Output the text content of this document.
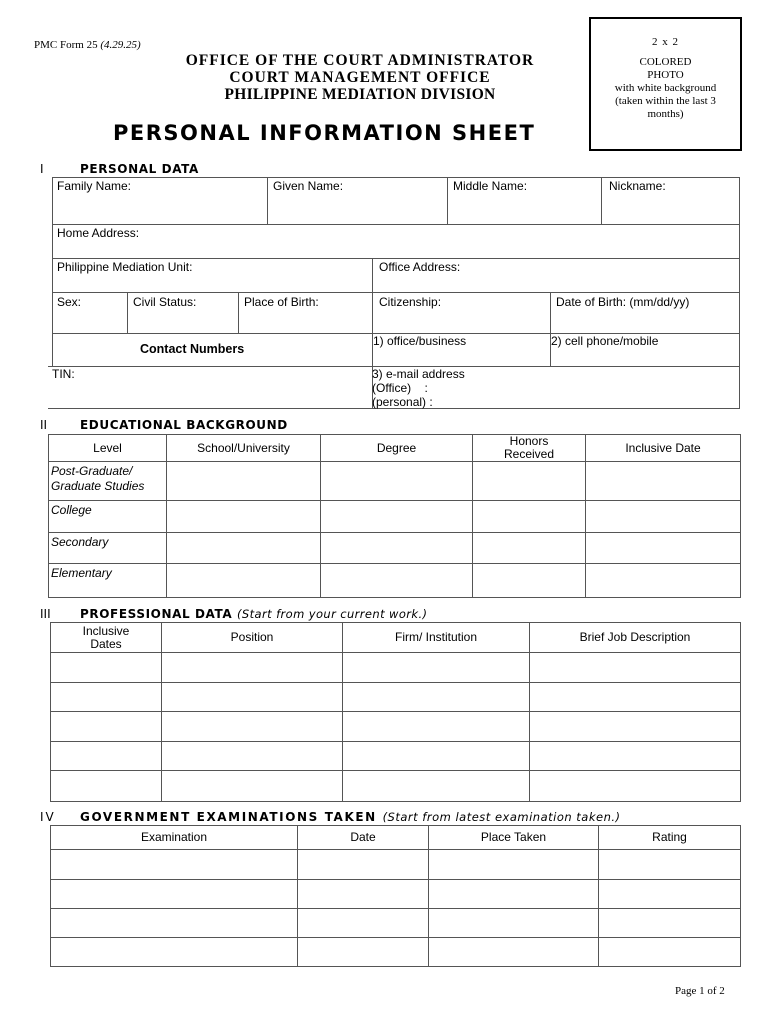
PMC Form 25 (4.29.25)
OFFICE OF THE COURT ADMINISTRATOR
COURT MANAGEMENT OFFICE
PHILIPPINE MEDIATION DIVISION
2 x 2
COLORED
PHOTO
with white background
(taken within the last 3
months)
PERSONAL INFORMATION SHEET
I	PERSONAL DATA
Family Name:	Given Name:	Middle Name:	Nickname:
Home Address:
Philippine Mediation Unit:	Office Address:
Sex:	Civil Status:	Place of Birth:	Citizenship:	Date of Birth: (mm/dd/yy)
Contact Numbers
1) office/business	2) cell phone/mobile
TIN:	3) e-mail address
(Office)    :
(personal) :
II	EDUCATIONAL BACKGROUND
Level	School/University	Degree	Honors Received	Inclusive Date

Post-Graduate/ Graduate Studies				

College				

Secondary				

Elementary				

III PROFESSIONAL DATA (Start from your current work.)
Inclusive Dates	Position	Firm/ Institution	Brief Job Description

IV GOVERNMENT EXAMINATIONS TAKEN (Start from latest examination taken.)
Examination	Date	Place Taken	Rating

Page 1 of 2
